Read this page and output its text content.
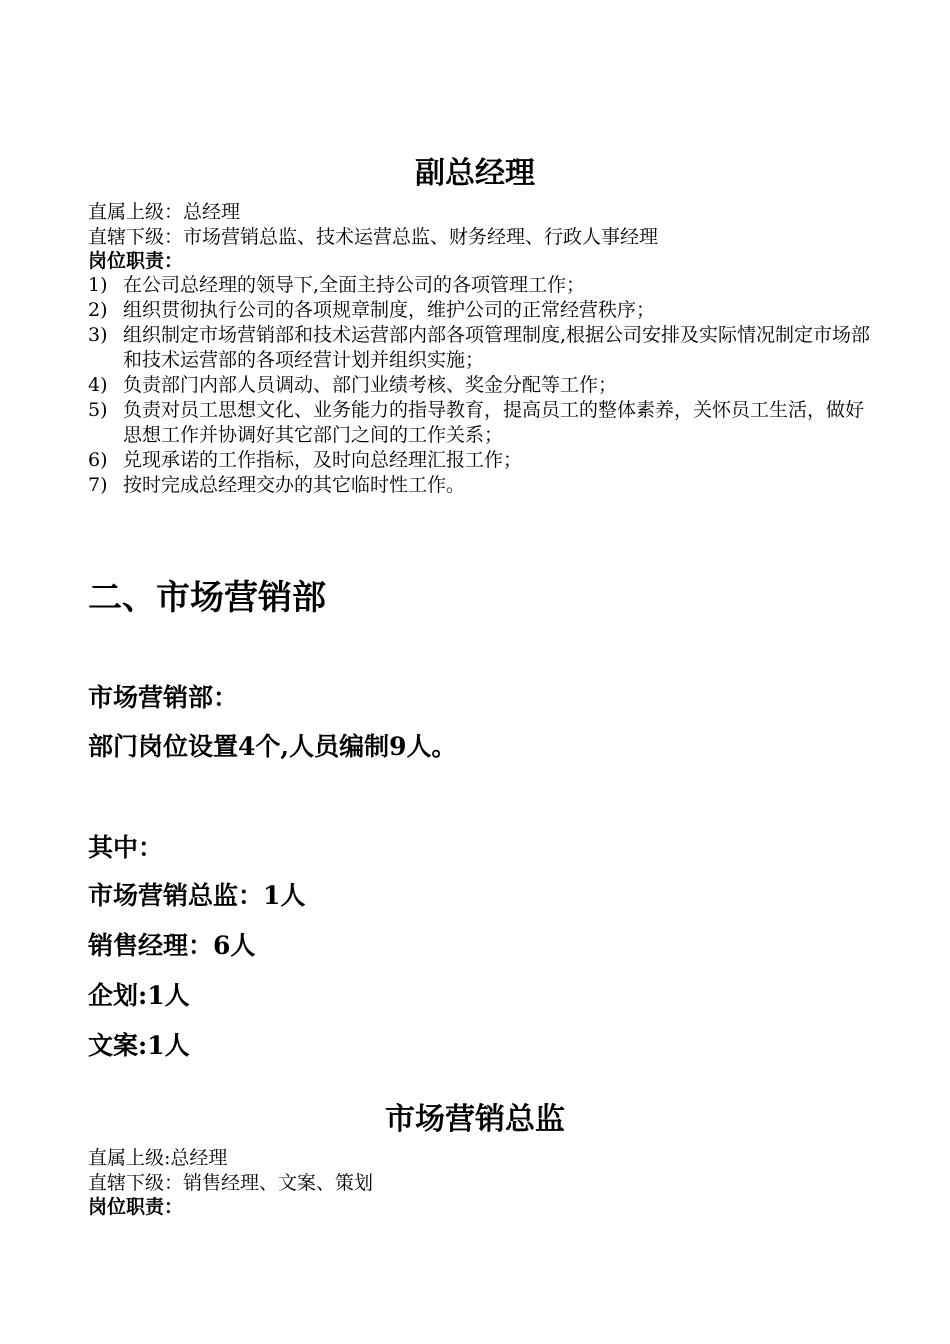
副总经理
直属上级：总经理
直辖下级：市场营销总监、技术运营总监、财务经理、行政人事经理
岗位职责：
1) 在公司总经理的领导下,全面主持公司的各项管理工作；
2) 组织贯彻执行公司的各项规章制度，维护公司的正常经营秩序；
3) 组织制定市场营销部和技术运营部内部各项管理制度,根据公司安排及实际情况制定市场部和技术运营部的各项经营计划并组织实施；
4) 负责部门内部人员调动、部门业绩考核、奖金分配等工作；
5) 负责对员工思想文化、业务能力的指导教育，提高员工的整体素养，关怀员工生活，做好思想工作并协调好其它部门之间的工作关系；
6) 兑现承诺的工作指标，及时向总经理汇报工作；
7) 按时完成总经理交办的其它临时性工作。
二、市场营销部
市场营销部：
部门岗位设置4个,人员编制9人。
其中：
市场营销总监：1人
销售经理：6人
企划:1人
文案:1人
市场营销总监
直属上级:总经理
直辖下级：销售经理、文案、策划
岗位职责：
